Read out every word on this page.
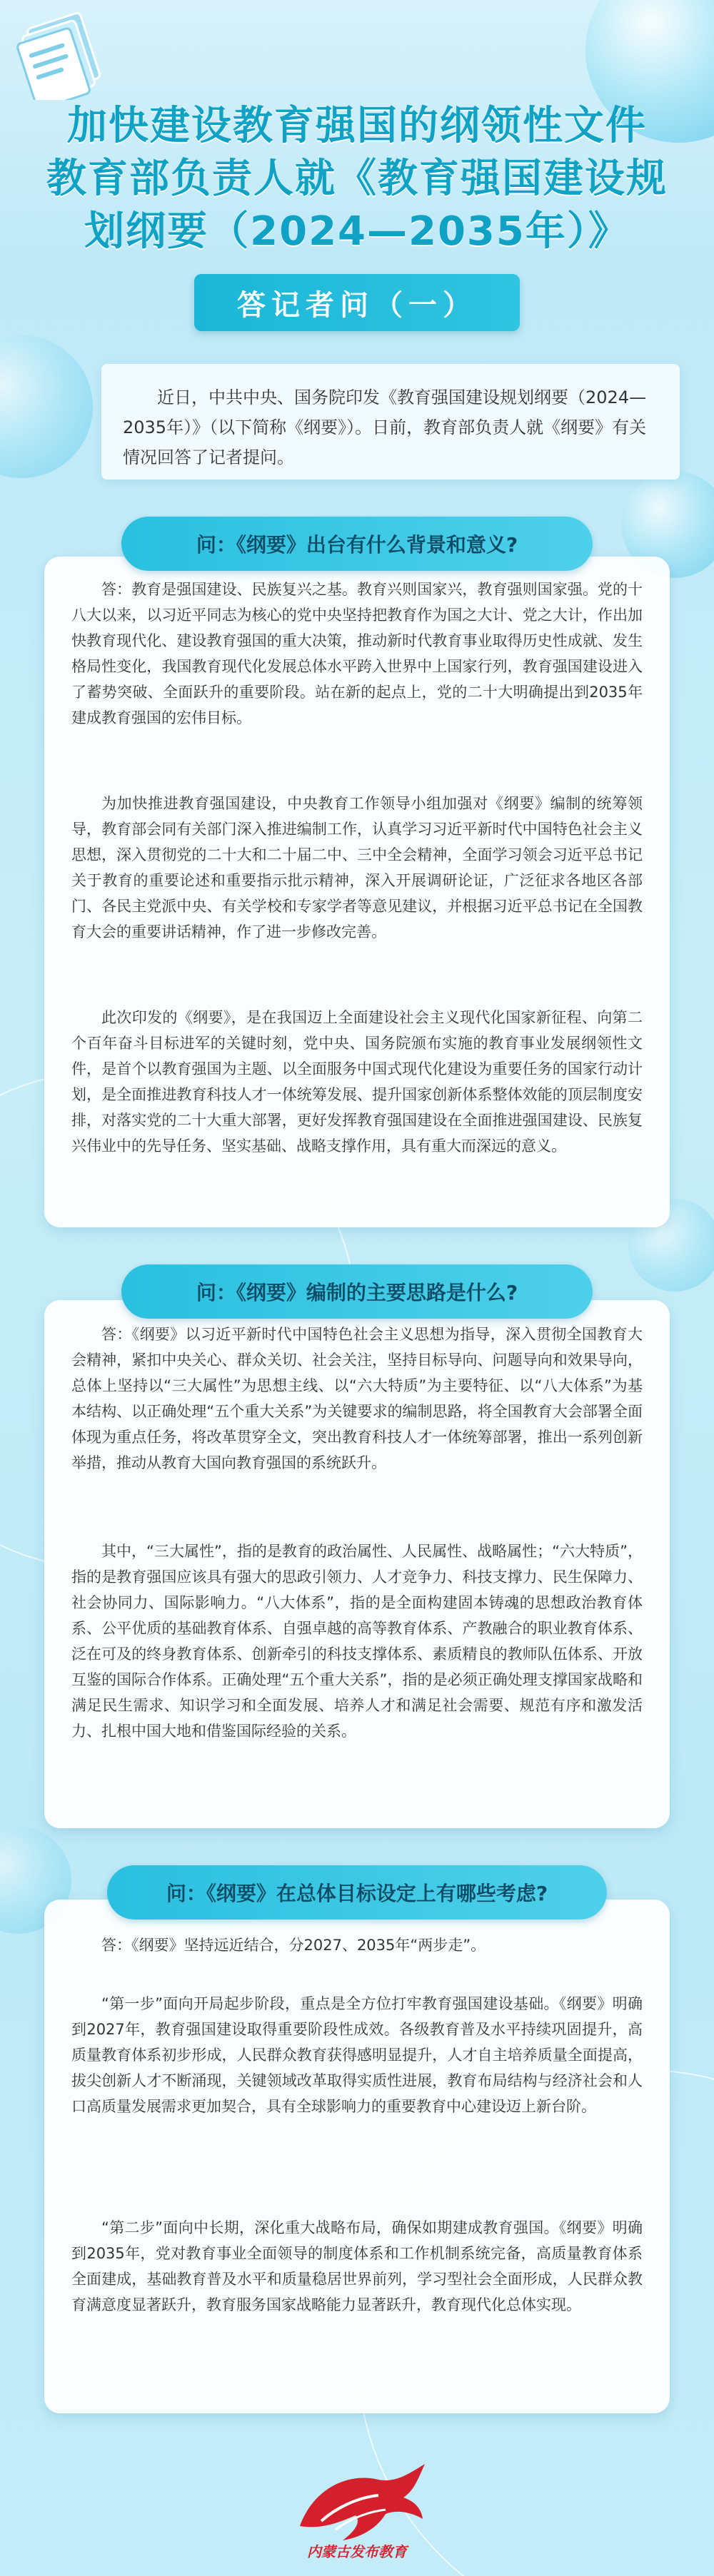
加快建设教育强国的纲领性文件
教育部负责人就《教育强国建设规
划纲要（2024—2035年）》
答记者问（一）
近日，中共中央、国务院印发《教育强国建设规划纲要（2024—2035年）》（以下简称《纲要》）。日前，教育部负责人就《纲要》有关情况回答了记者提问。
问：《纲要》出台有什么背景和意义?
答：教育是强国建设、民族复兴之基。教育兴则国家兴，教育强则国家强。党的十八大以来，以习近平同志为核心的党中央坚持把教育作为国之大计、党之大计，作出加快教育现代化、建设教育强国的重大决策，推动新时代教育事业取得历史性成就、发生格局性变化，我国教育现代化发展总体水平跨入世界中上国家行列，教育强国建设进入了蓄势突破、全面跃升的重要阶段。站在新的起点上，党的二十大明确提出到2035年建成教育强国的宏伟目标。
为加快推进教育强国建设，中央教育工作领导小组加强对《纲要》编制的统筹领导，教育部会同有关部门深入推进编制工作，认真学习习近平新时代中国特色社会主义思想，深入贯彻党的二十大和二十届二中、三中全会精神，全面学习领会习近平总书记关于教育的重要论述和重要指示批示精神，深入开展调研论证，广泛征求各地区各部门、各民主党派中央、有关学校和专家学者等意见建议，并根据习近平总书记在全国教育大会的重要讲话精神，作了进一步修改完善。
此次印发的《纲要》，是在我国迈上全面建设社会主义现代化国家新征程、向第二个百年奋斗目标进军的关键时刻，党中央、国务院颁布实施的教育事业发展纲领性文件，是首个以教育强国为主题、以全面服务中国式现代化建设为重要任务的国家行动计划，是全面推进教育科技人才一体统筹发展、提升国家创新体系整体效能的顶层制度安排，对落实党的二十大重大部署，更好发挥教育强国建设在全面推进强国建设、民族复兴伟业中的先导任务、坚实基础、战略支撑作用，具有重大而深远的意义。
问：《纲要》编制的主要思路是什么?
答：《纲要》以习近平新时代中国特色社会主义思想为指导，深入贯彻全国教育大会精神，紧扣中央关心、群众关切、社会关注，坚持目标导向、问题导向和效果导向，总体上坚持以“三大属性”为思想主线、以“六大特质”为主要特征、以“八大体系”为基本结构、以正确处理“五个重大关系”为关键要求的编制思路，将全国教育大会部署全面体现为重点任务，将改革贯穿全文，突出教育科技人才一体统筹部署，推出一系列创新举措，推动从教育大国向教育强国的系统跃升。
其中，“三大属性”，指的是教育的政治属性、人民属性、战略属性；“六大特质”，指的是教育强国应该具有强大的思政引领力、人才竞争力、科技支撑力、民生保障力、社会协同力、国际影响力。“八大体系”，指的是全面构建固本铸魂的思想政治教育体系、公平优质的基础教育体系、自强卓越的高等教育体系、产教融合的职业教育体系、泛在可及的终身教育体系、创新牵引的科技支撑体系、素质精良的教师队伍体系、开放互鉴的国际合作体系。正确处理“五个重大关系”，指的是必须正确处理支撑国家战略和满足民生需求、知识学习和全面发展、培养人才和满足社会需要、规范有序和激发活力、扎根中国大地和借鉴国际经验的关系。
问：《纲要》在总体目标设定上有哪些考虑?
答：《纲要》坚持远近结合，分2027、2035年“两步走”。
“第一步”面向开局起步阶段，重点是全方位打牢教育强国建设基础。《纲要》明确到2027年，教育强国建设取得重要阶段性成效。各级教育普及水平持续巩固提升，高质量教育体系初步形成，人民群众教育获得感明显提升，人才自主培养质量全面提高，拔尖创新人才不断涌现，关键领域改革取得实质性进展，教育布局结构与经济社会和人口高质量发展需求更加契合，具有全球影响力的重要教育中心建设迈上新台阶。
“第二步”面向中长期，深化重大战略布局，确保如期建成教育强国。《纲要》明确到2035年，党对教育事业全面领导的制度体系和工作机制系统完备，高质量教育体系全面建成，基础教育普及水平和质量稳居世界前列，学习型社会全面形成，人民群众教育满意度显著跃升，教育服务国家战略能力显著跃升，教育现代化总体实现。
内蒙古发布教育
